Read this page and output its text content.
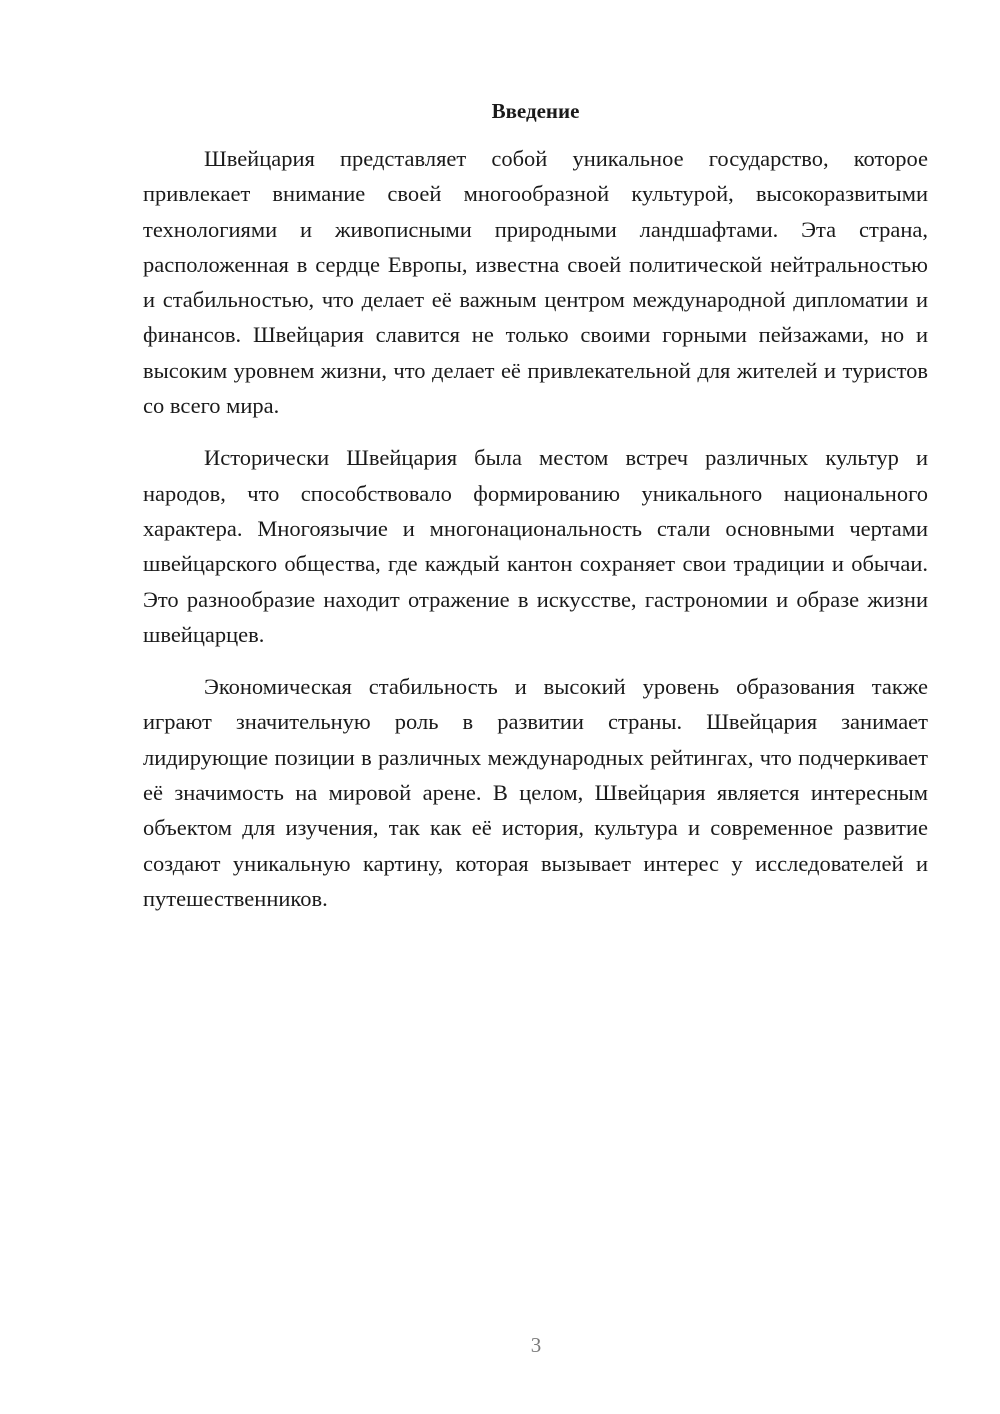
Введение

Швейцария представляет собой уникальное государство, которое привлекает внимание своей многообразной культурой, высокоразвитыми технологиями и живописными природными ландшафтами. Эта страна, расположенная в сердце Европы, известна своей политической нейтральностью и стабильностью, что делает её важным центром международной дипломатии и финансов. Швейцария славится не только своими горными пейзажами, но и высоким уровнем жизни, что делает её привлекательной для жителей и туристов со всего мира.

Исторически Швейцария была местом встреч различных культур и народов, что способствовало формированию уникального национального характера. Многоязычие и многонациональность стали основными чертами швейцарского общества, где каждый кантон сохраняет свои традиции и обычаи. Это разнообразие находит отражение в искусстве, гастрономии и образе жизни швейцарцев.

Экономическая стабильность и высокий уровень образования также играют значительную роль в развитии страны. Швейцария занимает лидирующие позиции в различных международных рейтингах, что подчеркивает её значимость на мировой арене. В целом, Швейцария является интересным объектом для изучения, так как её история, культура и современное развитие создают уникальную картину, которая вызывает интерес у исследователей и путешественников.

3
